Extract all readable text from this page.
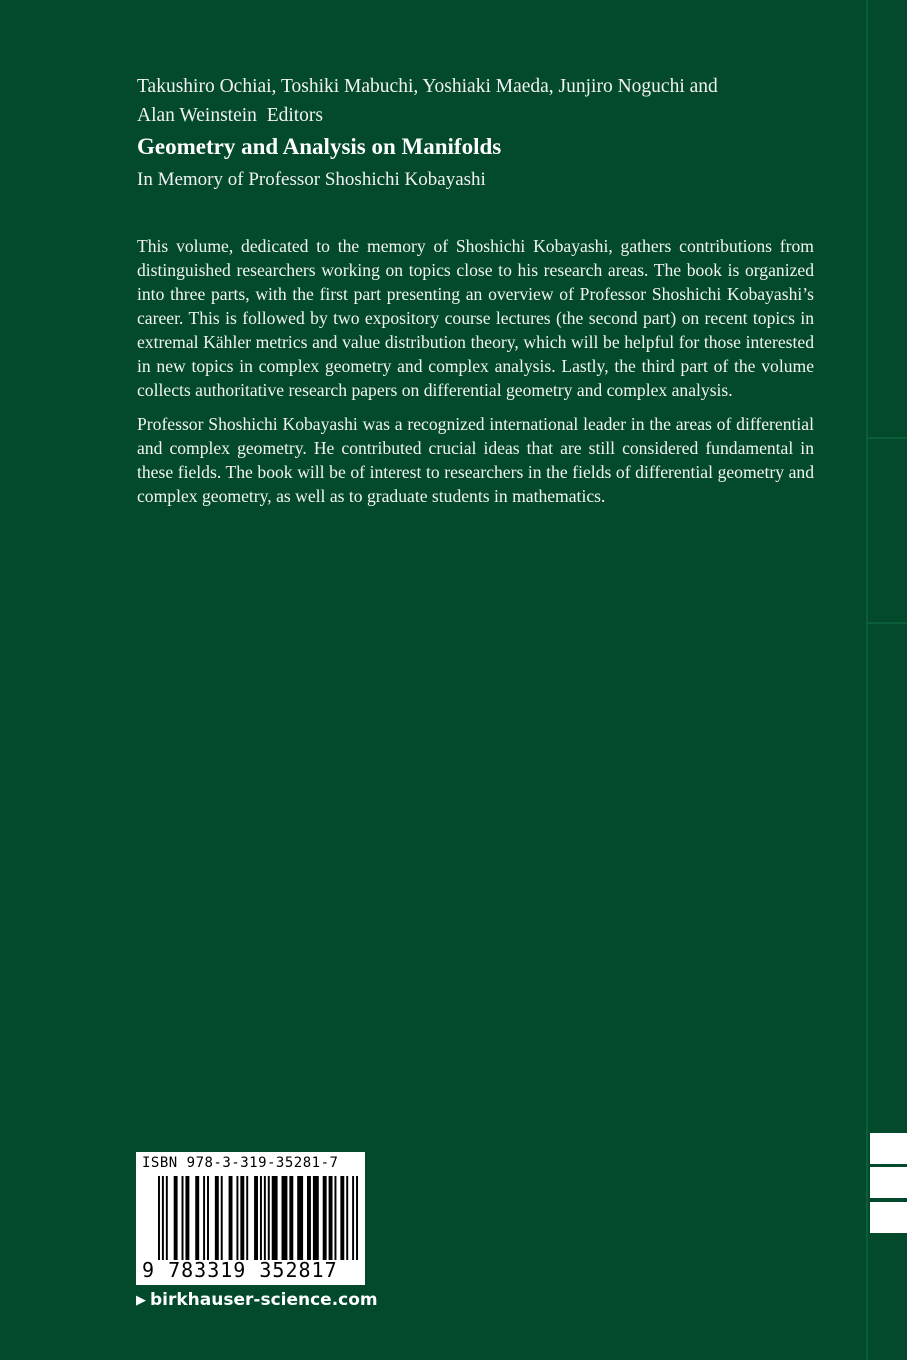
Takushiro Ochiai, Toshiki Mabuchi, Yoshiaki Maeda, Junjiro Noguchi and
Alan Weinstein Editors
Geometry and Analysis on Manifolds
In Memory of Professor Shoshichi Kobayashi

This volume, dedicated to the memory of Shoshichi Kobayashi, gathers contributions from distinguished researchers working on topics close to his research areas. The book is organized into three parts, with the first part presenting an overview of Professor Shoshichi Kobayashi’s career. This is followed by two expository course lectures (the second part) on recent topics in extremal Kähler metrics and value distribution theory, which will be helpful for those interested in new topics in complex geometry and complex analysis. Lastly, the third part of the volume collects authoritative research papers on differential geometry and complex analysis.

Professor Shoshichi Kobayashi was a recognized international leader in the areas of differential and complex geometry. He contributed crucial ideas that are still considered fundamental in these fields. The book will be of interest to researchers in the fields of differential geometry and complex geometry, as well as to graduate students in mathematics.

ISBN 978-3-319-35281-7
9 783319 352817
▶ birkhauser-science.com
